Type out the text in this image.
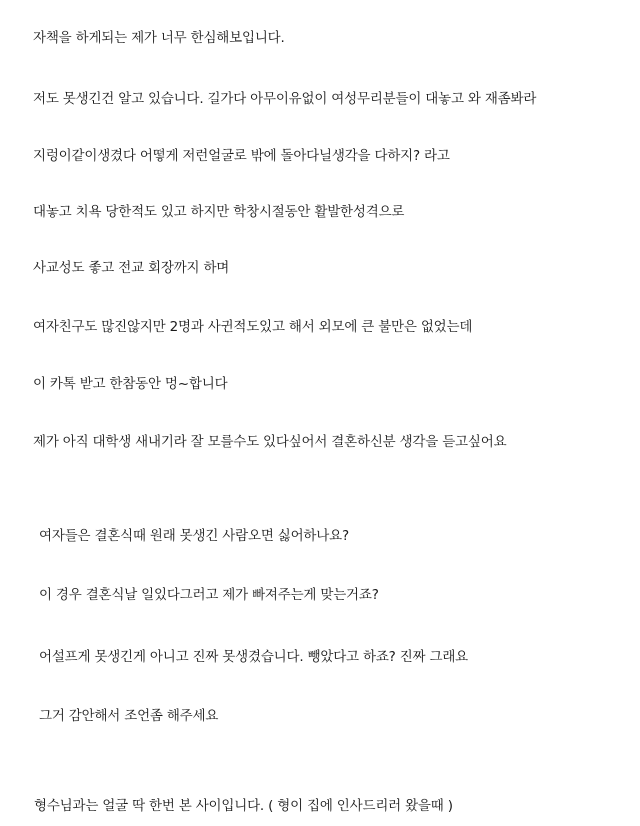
자책을 하게되는 제가 너무 한심해보입니다.
저도 못생긴건 알고 있습니다. 길가다 아무이유없이 여성무리분들이 대놓고 와 재좀봐라
지렁이같이생겼다 어떻게 저런얼굴로 밖에 돌아다닐생각을 다하지? 라고
대놓고 치욕 당한적도 있고 하지만 학창시절동안 활발한성격으로
사교성도 좋고 전교 회장까지 하며
여자친구도 많진않지만 2명과 사귄적도있고 해서 외모에 큰 불만은 없었는데
이 카톡 받고 한참동안 멍~합니다
제가 아직 대학생 새내기라 잘 모를수도 있다싶어서 결혼하신분 생각을 듣고싶어요
여자들은 결혼식때 원래 못생긴 사람오면 싫어하나요?
이 경우 결혼식날 일있다그러고 제가 빠져주는게 맞는거죠?
어설프게 못생긴게 아니고 진짜 못생겼습니다. 뺑았다고 하죠? 진짜 그래요
그거 감안해서 조언좀 해주세요
형수님과는 얼굴 딱 한번 본 사이입니다. ( 형이 집에 인사드리러 왔을때 )
